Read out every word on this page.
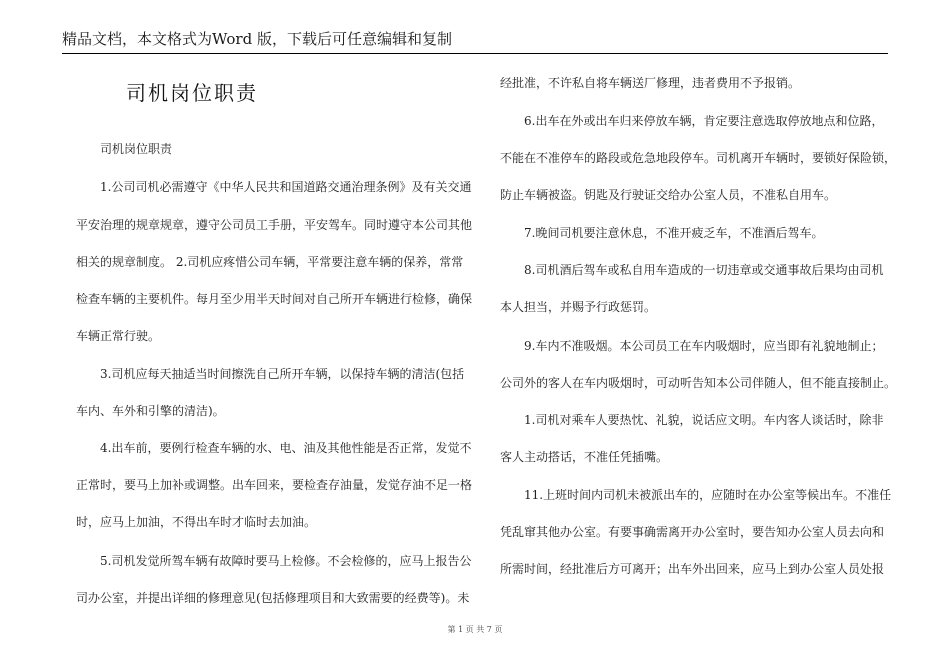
精品文档，本文格式为Word 版，下载后可任意编辑和复制
司机岗位职责
司机岗位职责
1.公司司机必需遵守《中华人民共和国道路交通治理条例》及有关交通
平安治理的规章规章，遵守公司员工手册，平安驾车。同时遵守本公司其他
相关的规章制度。 2.司机应疼惜公司车辆，平常要注意车辆的保养，常常
检查车辆的主要机件。每月至少用半天时间对自己所开车辆进行检修，确保
车辆正常行驶。
3.司机应每天抽适当时间擦洗自己所开车辆，以保持车辆的清洁(包括
车内、车外和引擎的清洁)。
4.出车前，要例行检查车辆的水、电、油及其他性能是否正常，发觉不
正常时，要马上加补或调整。出车回来，要检查存油量，发觉存油不足一格
时，应马上加油，不得出车时才临时去加油。
5.司机发觉所驾车辆有故障时要马上检修。不会检修的，应马上报告公
司办公室，并提出详细的修理意见(包括修理项目和大致需要的经费等)。未
经批准，不许私自将车辆送厂修理，违者费用不予报销。
6.出车在外或出车归来停放车辆，肯定要注意选取停放地点和位路，
不能在不准停车的路段或危急地段停车。司机离开车辆时，要锁好保险锁，
防止车辆被盗。钥匙及行驶证交给办公室人员，不准私自用车。
7.晚间司机要注意休息，不准开疲乏车，不准酒后驾车。
8.司机酒后驾车或私自用车造成的一切违章或交通事故后果均由司机
本人担当，并赐予行政惩罚。
9.车内不准吸烟。本公司员工在车内吸烟时，应当即有礼貌地制止；
公司外的客人在车内吸烟时，可动听告知本公司伴随人，但不能直接制止。
1.司机对乘车人要热忱、礼貌，说话应文明。车内客人谈话时，除非
客人主动搭话，不准任凭插嘴。
11.上班时间内司机未被派出车的，应随时在办公室等候出车。不准任
凭乱窜其他办公室。有要事确需离开办公室时，要告知办公室人员去向和
所需时间，经批准后方可离开；出车外出回来，应马上到办公室人员处报
第 1 页 共 7 页
